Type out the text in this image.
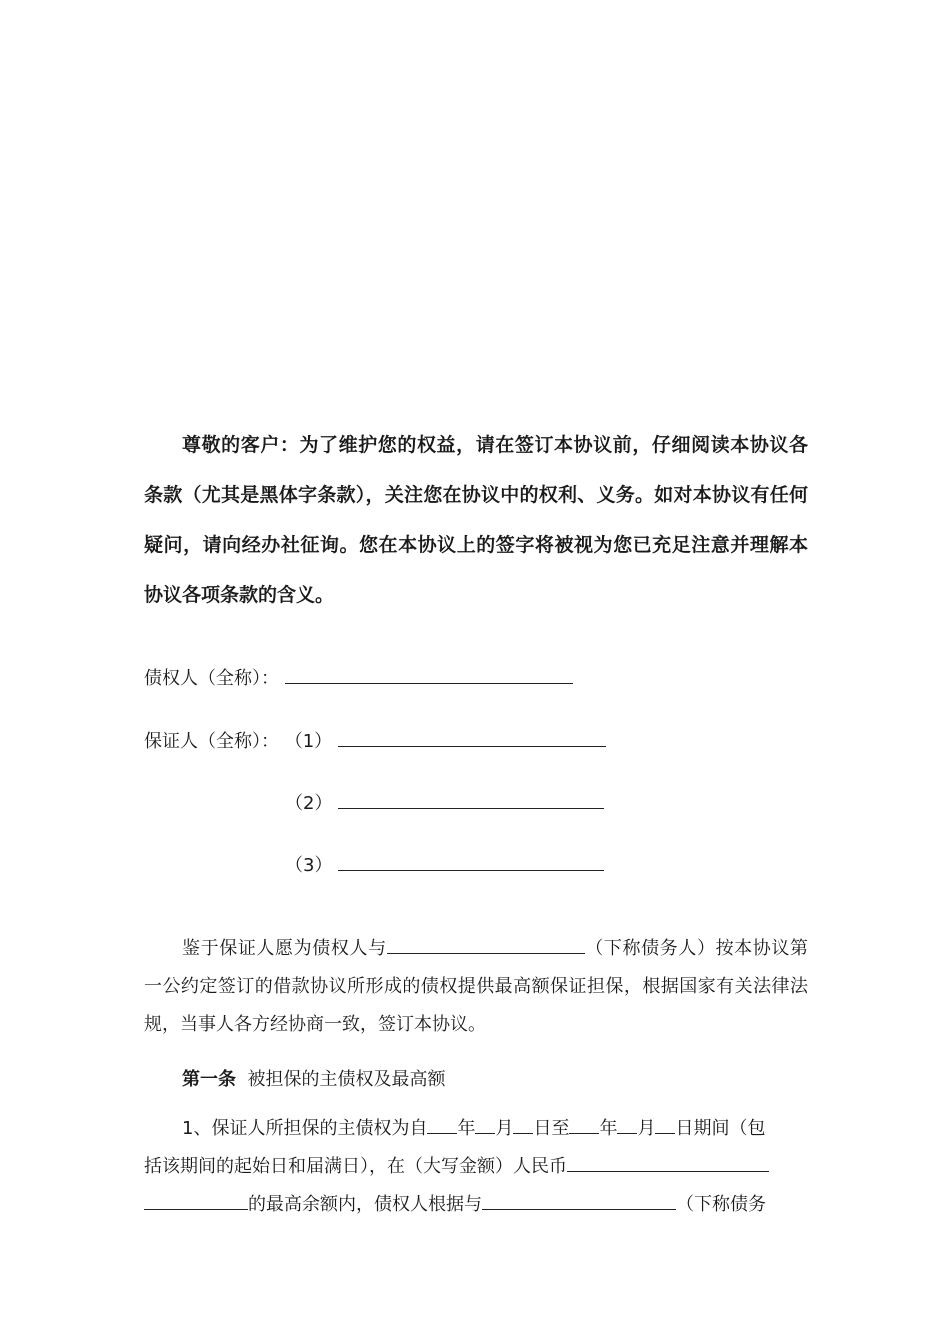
尊敬的客户：为了维护您的权益，请在签订本协议前，仔细阅读本协议各条款（尤其是黑体字条款），关注您在协议中的权利、义务。如对本协议有任何疑问，请向经办社征询。您在本协议上的签字将被视为您已充足注意并理解本协议各项条款的含义。
债权人（全称）：
保证人（全称）： （1）
（2）
（3）
鉴于保证人愿为债权人与	（下称债务人）按本协议第一公约定签订的借款协议所形成的债权提供最高额保证担保，根据国家有关法律法规，当事人各方经协商一致，签订本协议。
第一条 被担保的主债权及最高额
1、保证人所担保的主债权为自 年 月 日至 年 月 日期间（包
括该期间的起始日和届满日），在（大写金额）人民币
的最高余额内，债权人根据与	（下称债务
